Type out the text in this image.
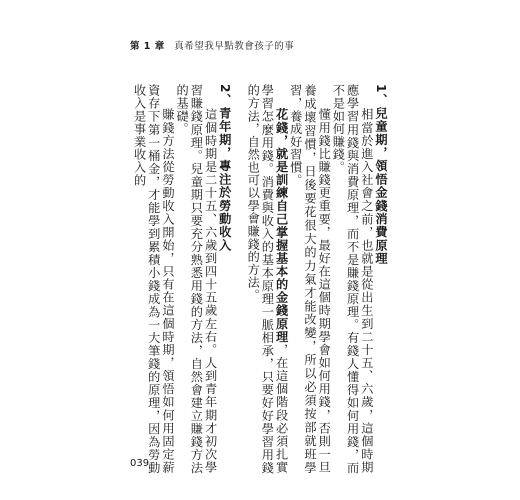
第 1 章 真希望我早點教會孩子的事

1、兒童期，領悟金錢消費原理

相當於進入社會之前，也就是從出生到二十五、六歲，這個時期應學習用錢與消費原理，而不是賺錢原理。有錢人懂得如何用錢，而不是如何賺錢。

懂用錢比賺錢更重要，最好在這個時期學會如何用錢，否則一旦養成壞習慣，日後要花很大的力氣才能改變，所以必須按部就班學習，養成好習慣。

花錢，就是訓練自己掌握基本的金錢原理，在這個階段必須扎實學習怎麼用錢。消費與收入的基本原理一脈相承，只要好好學習用錢的方法，自然也可以學會賺錢的方法。

2、青年期，專注於勞動收入

這個時期是二十五、六歲到四十五歲左右。人到青年期才初次學習賺錢原理。兒童期只要充分熟悉用錢的方法，自然會建立賺錢方法的基礎。

賺錢方法從勞動收入開始，只有在這個時期，領悟如何用固定薪資存下第一桶金，才能學到累積小錢成為一大筆錢的原理，因為勞動收入是事業收入的

039
